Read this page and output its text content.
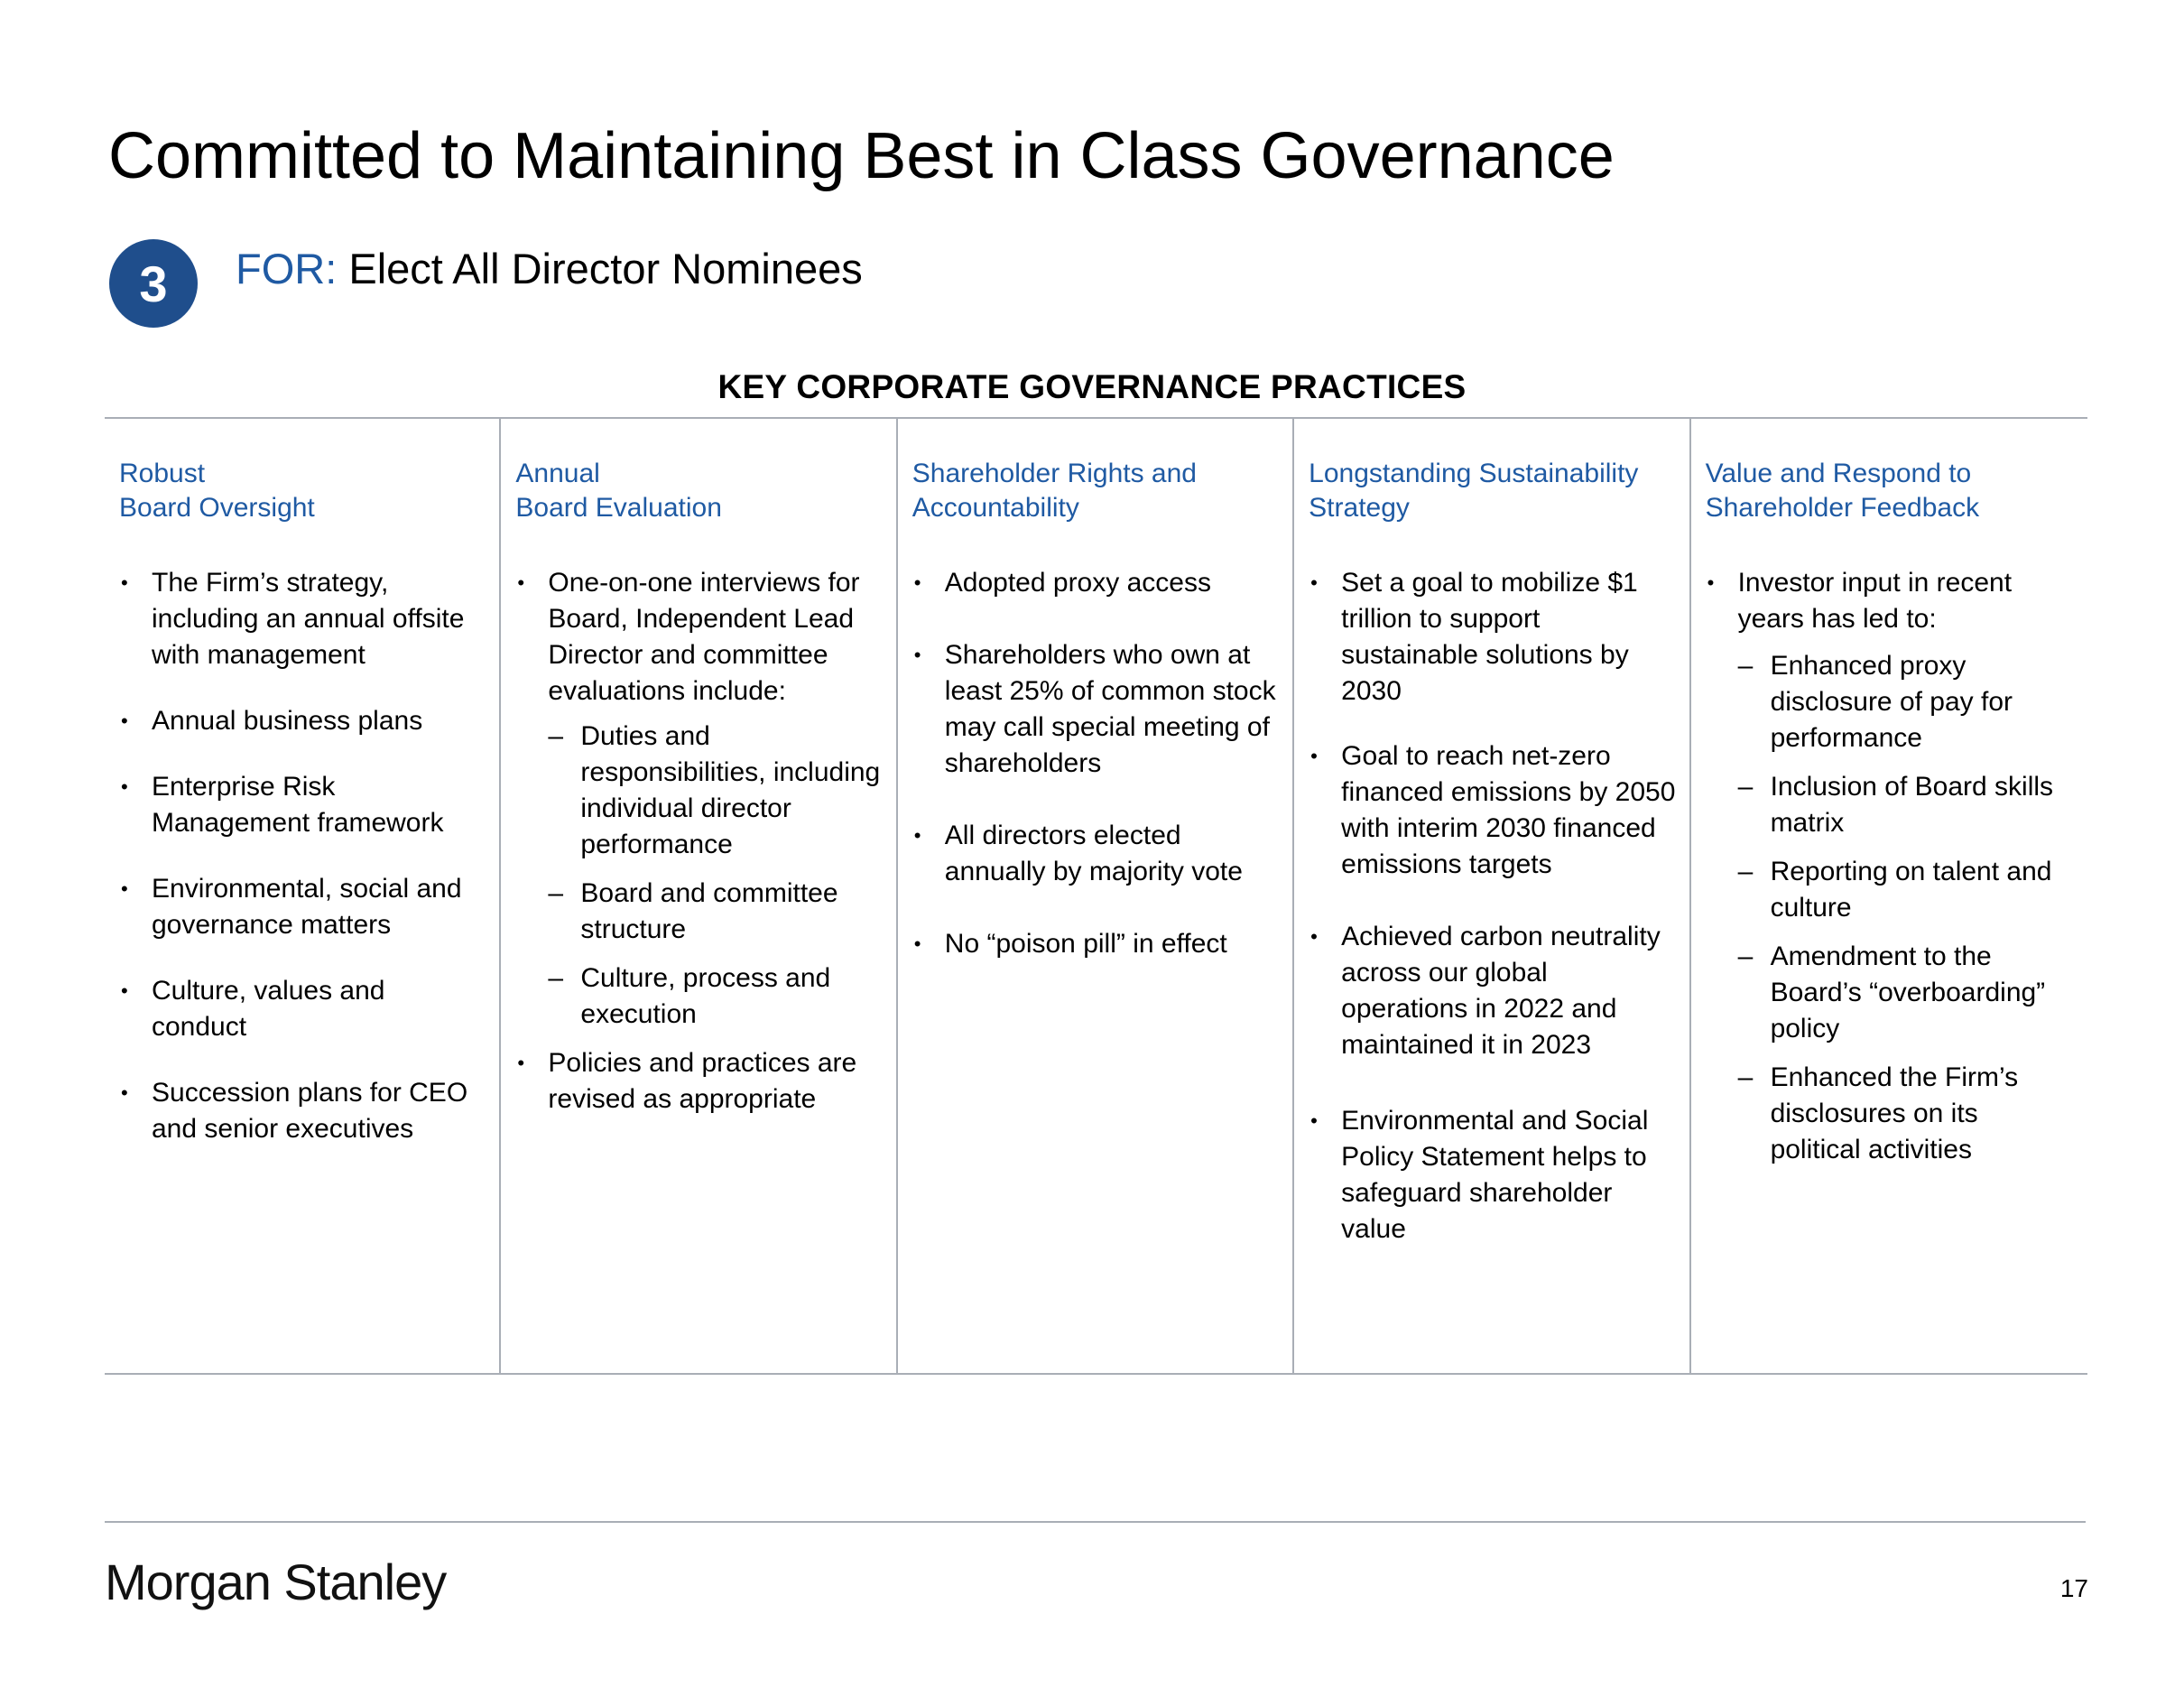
Committed to Maintaining Best in Class Governance
3	FOR: Elect All Director Nominees
KEY CORPORATE GOVERNANCE PRACTICES
Robust
Board Oversight
• The Firm’s strategy, including an annual offsite with management
• Annual business plans
• Enterprise Risk Management framework
• Environmental, social and governance matters
• Culture, values and conduct
• Succession plans for CEO and senior executives
Annual
Board Evaluation
• One-on-one interviews for Board, Independent Lead Director and committee evaluations include:
– Duties and responsibilities, including individual director performance
– Board and committee structure
– Culture, process and execution
• Policies and practices are revised as appropriate
Shareholder Rights and
Accountability
• Adopted proxy access
• Shareholders who own at least 25% of common stock may call special meeting of shareholders
• All directors elected annually by majority vote
• No “poison pill” in effect
Longstanding Sustainability
Strategy
• Set a goal to mobilize $1 trillion to support sustainable solutions by 2030
• Goal to reach net-zero financed emissions by 2050 with interim 2030 financed emissions targets
• Achieved carbon neutrality across our global operations in 2022 and maintained it in 2023
• Environmental and Social Policy Statement helps to safeguard shareholder value
Value and Respond to
Shareholder Feedback
• Investor input in recent years has led to:
– Enhanced proxy disclosure of pay for performance
– Inclusion of Board skills matrix
– Reporting on talent and culture
– Amendment to the Board’s “overboarding” policy
– Enhanced the Firm’s disclosures on its political activities
Morgan Stanley	17
